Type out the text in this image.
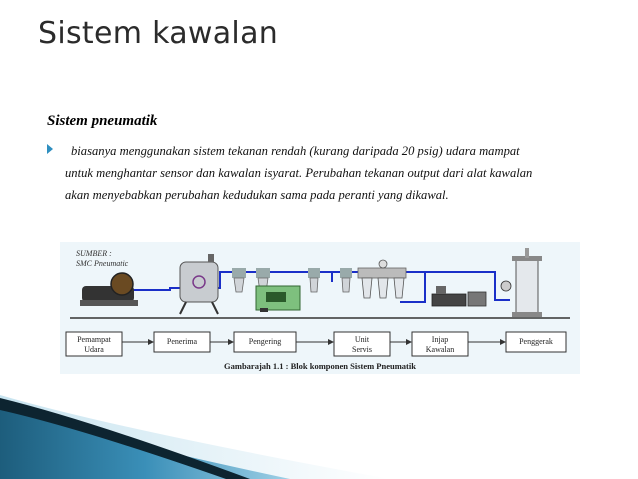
Sistem kawalan
Sistem pneumatik
biasanya menggunakan sistem tekanan rendah (kurang daripada 20 psig) udara mampat
untuk menghantar sensor dan kawalan isyarat. Perubahan tekanan output dari alat kawalan
akan menyebabkan perubahan kedudukan sama pada peranti yang dikawal.
SUMBER :
SMC Pneumatic
Pemampat
Udara
Penerima	Pengering	Unit
Servis
Injap
Kawalan
Penggerak
Gambarajah 1.1 : Blok komponen Sistem Pneumatik
